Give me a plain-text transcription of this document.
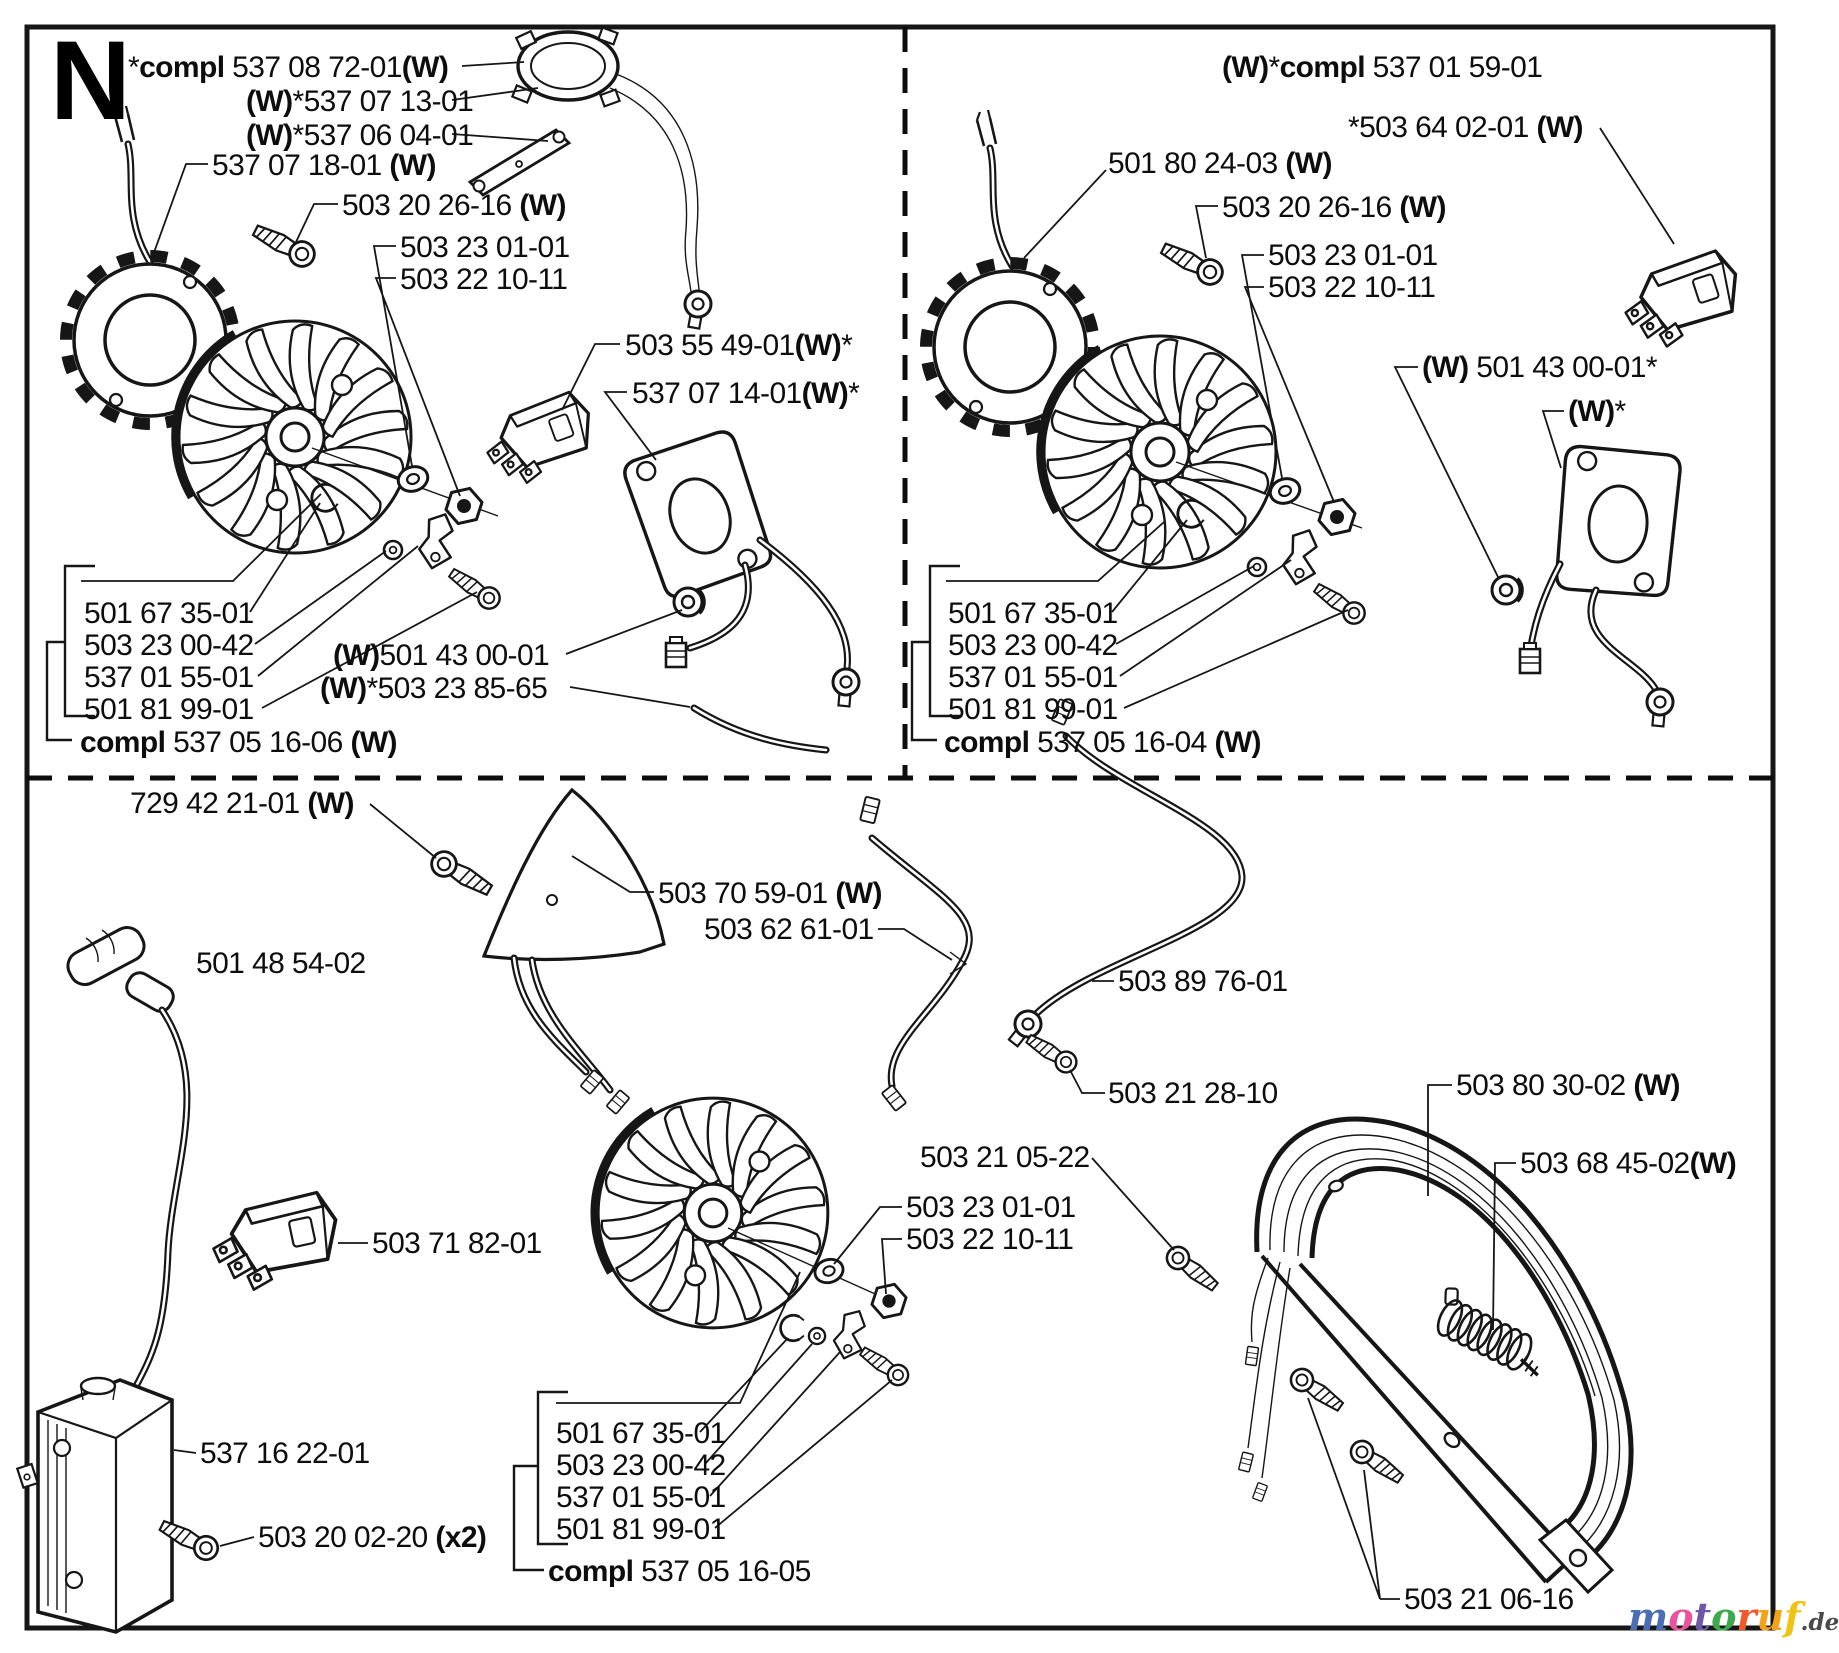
N
*compl 537 08 72-01(W)
(W)*537 07 13-01
(W)*537 06 04-01
537 07 18-01 (W)
503 20 26-16 (W)
503 23 01-01
503 22 10-11
503 55 49-01(W)*
537 07 14-01(W)*
501 67 35-01
503 23 00-42
537 01 55-01
501 81 99-01
(W)501 43 00-01
(W)*503 23 85-65
compl 537 05 16-06 (W)
(W)*compl 537 01 59-01
*503 64 02-01 (W)
501 80 24-03 (W)
503 20 26-16 (W)
503 23 01-01
503 22 10-11
(W) 501 43 00-01*
(W)*
501 67 35-01
503 23 00-42
537 01 55-01
501 81 99-01
compl 537 05 16-04 (W)
729 42 21-01 (W)
503 70 59-01 (W)
503 62 61-01
503 89 76-01
501 48 54-02
503 21 28-10	503 80 30-02 (W)
503 21 05-22	503 68 45-02(W)
503 23 01-01
503 22 10-11
503 71 82-01
501 67 35-01
503 23 00-42
537 01 55-01
501 81 99-01
compl 537 05 16-05
537 16 22-01
503 20 02-20 (x2)
503 21 06-16 motoruf.de
